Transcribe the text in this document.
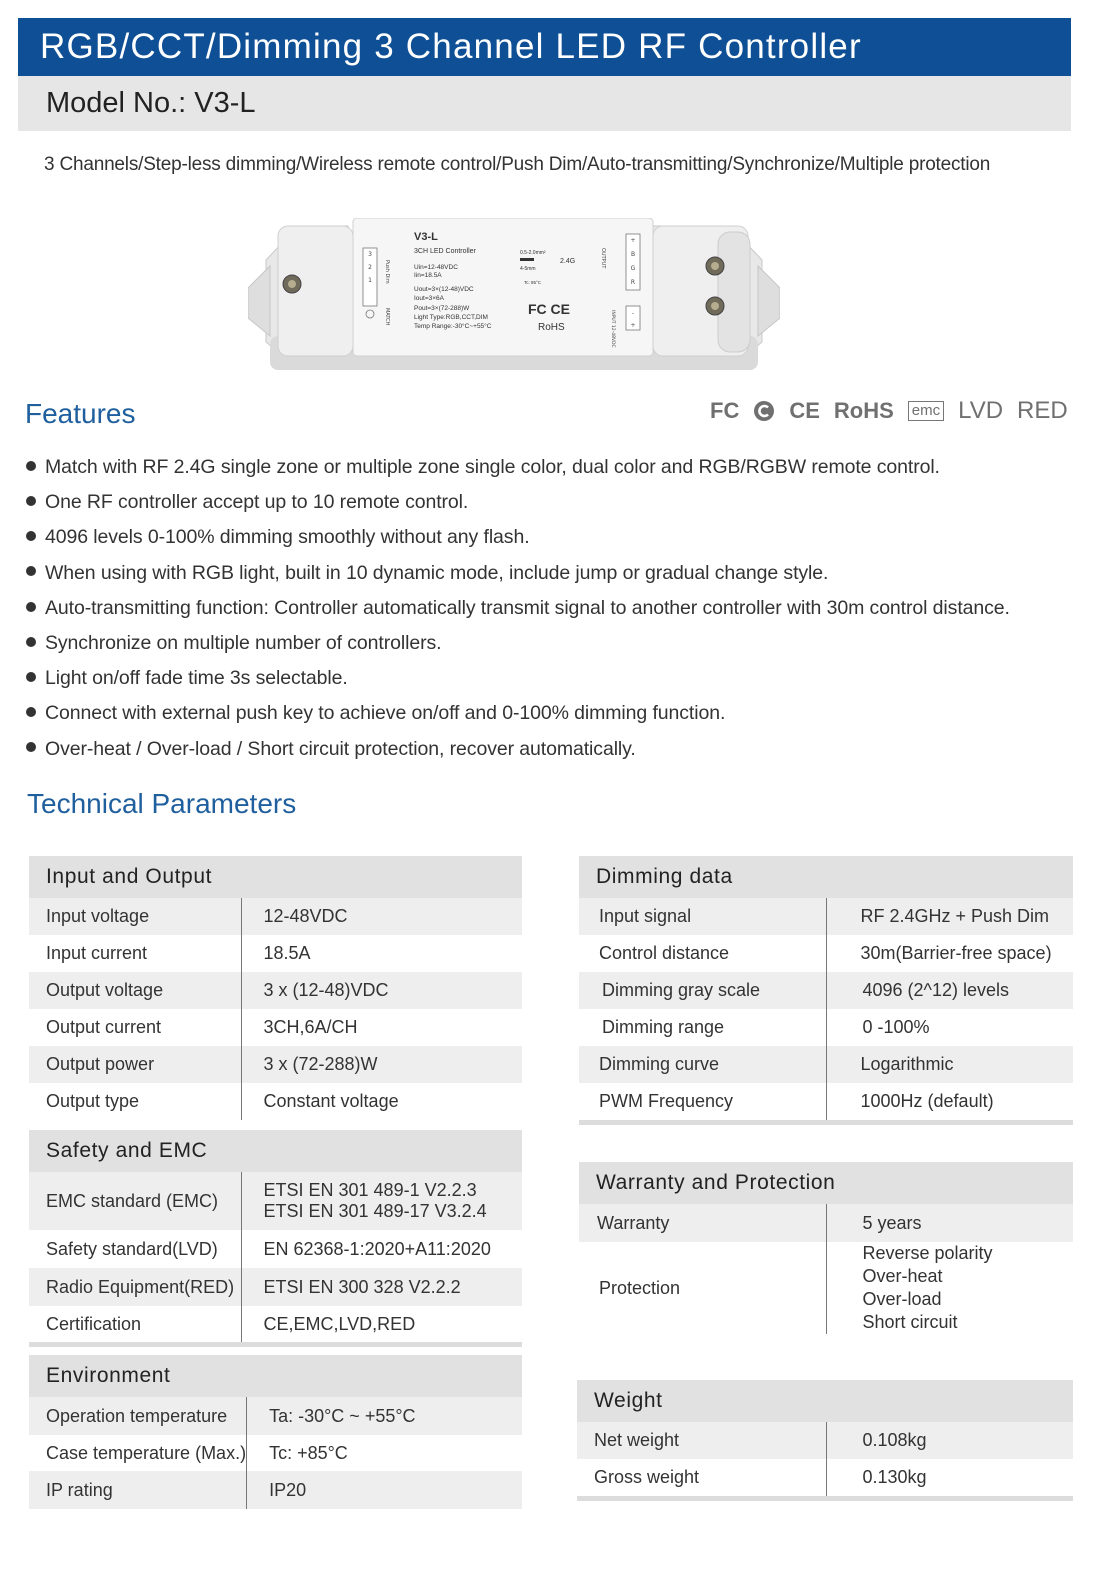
RGB/CCT/Dimming 3 Channel LED RF Controller
Model No.: V3-L
3 Channels/Step-less dimming/Wireless remote control/Push Dim/Auto-transmitting/Synchronize/Multiple protection
3
2
1 Push Dim
MATCH
V3-L
3CH LED Controller
Uin=12-48VDC
Iin=18.5A
Uout=3×(12-48)VDC
Iout=3×6A
Pout=3×(72-288)W
Light Type:RGB,CCT,DIM
Temp Range:-30°C~+55°C
0.5-2.0mm²
4-5mm
2.4G
Tc: 85°C
FC CE
RoHS
OUTPUT
+
B
G
R
INPUT 12-48VDC	-
+
Features	FC CE RoHS emc LVD RED
Match with RF 2.4G single zone or multiple zone single color, dual color and RGB/RGBW remote control.
One RF controller accept up to 10 remote control.
4096 levels 0-100% dimming smoothly without any flash.
When using with RGB light, built in 10 dynamic mode, include jump or gradual change style.
Auto-transmitting function: Controller automatically transmit signal to another controller with 30m control distance.
Synchronize on multiple number of controllers.
Light on/off fade time 3s selectable.
Connect with external push key to achieve on/off and 0-100% dimming function.
Over-heat / Over-load / Short circuit protection, recover automatically.
Technical Parameters
Input and Output	
Input voltage	12-48VDC
Input current	18.5A
Output voltage	3 x (12-48)VDC
Output current	3CH,6A/CH
Output power	3 x (72-288)W
Output type	Constant voltage
Safety and EMC	
EMC standard (EMC)	ETSI EN 301 489-1 V2.2.3
ETSI EN 301 489-17 V3.2.4

Safety standard(LVD)	EN 62368-1:2020+A11:2020
Radio Equipment(RED)	ETSI EN 300 328 V2.2.2
Certification	CE,EMC,LVD,RED

Environment	
Operation temperature	Ta: -30°C ~ +55°C
Case temperature (Max.)	Tc: +85°C
IP rating	IP20
Dimming data	
Input signal	RF 2.4GHz + Push Dim
Control distance	30m(Barrier-free space)
Dimming gray scale	4096 (2^12) levels
Dimming range	0 -100%
Dimming curve	Logarithmic
PWM Frequency	1000Hz (default)

Warranty and Protection	
Warranty	5 years
Protection	Reverse polarity
Over-heat
Over-load
Short circuit
Weight	
Net weight	0.108kg
Gross weight	0.130kg
